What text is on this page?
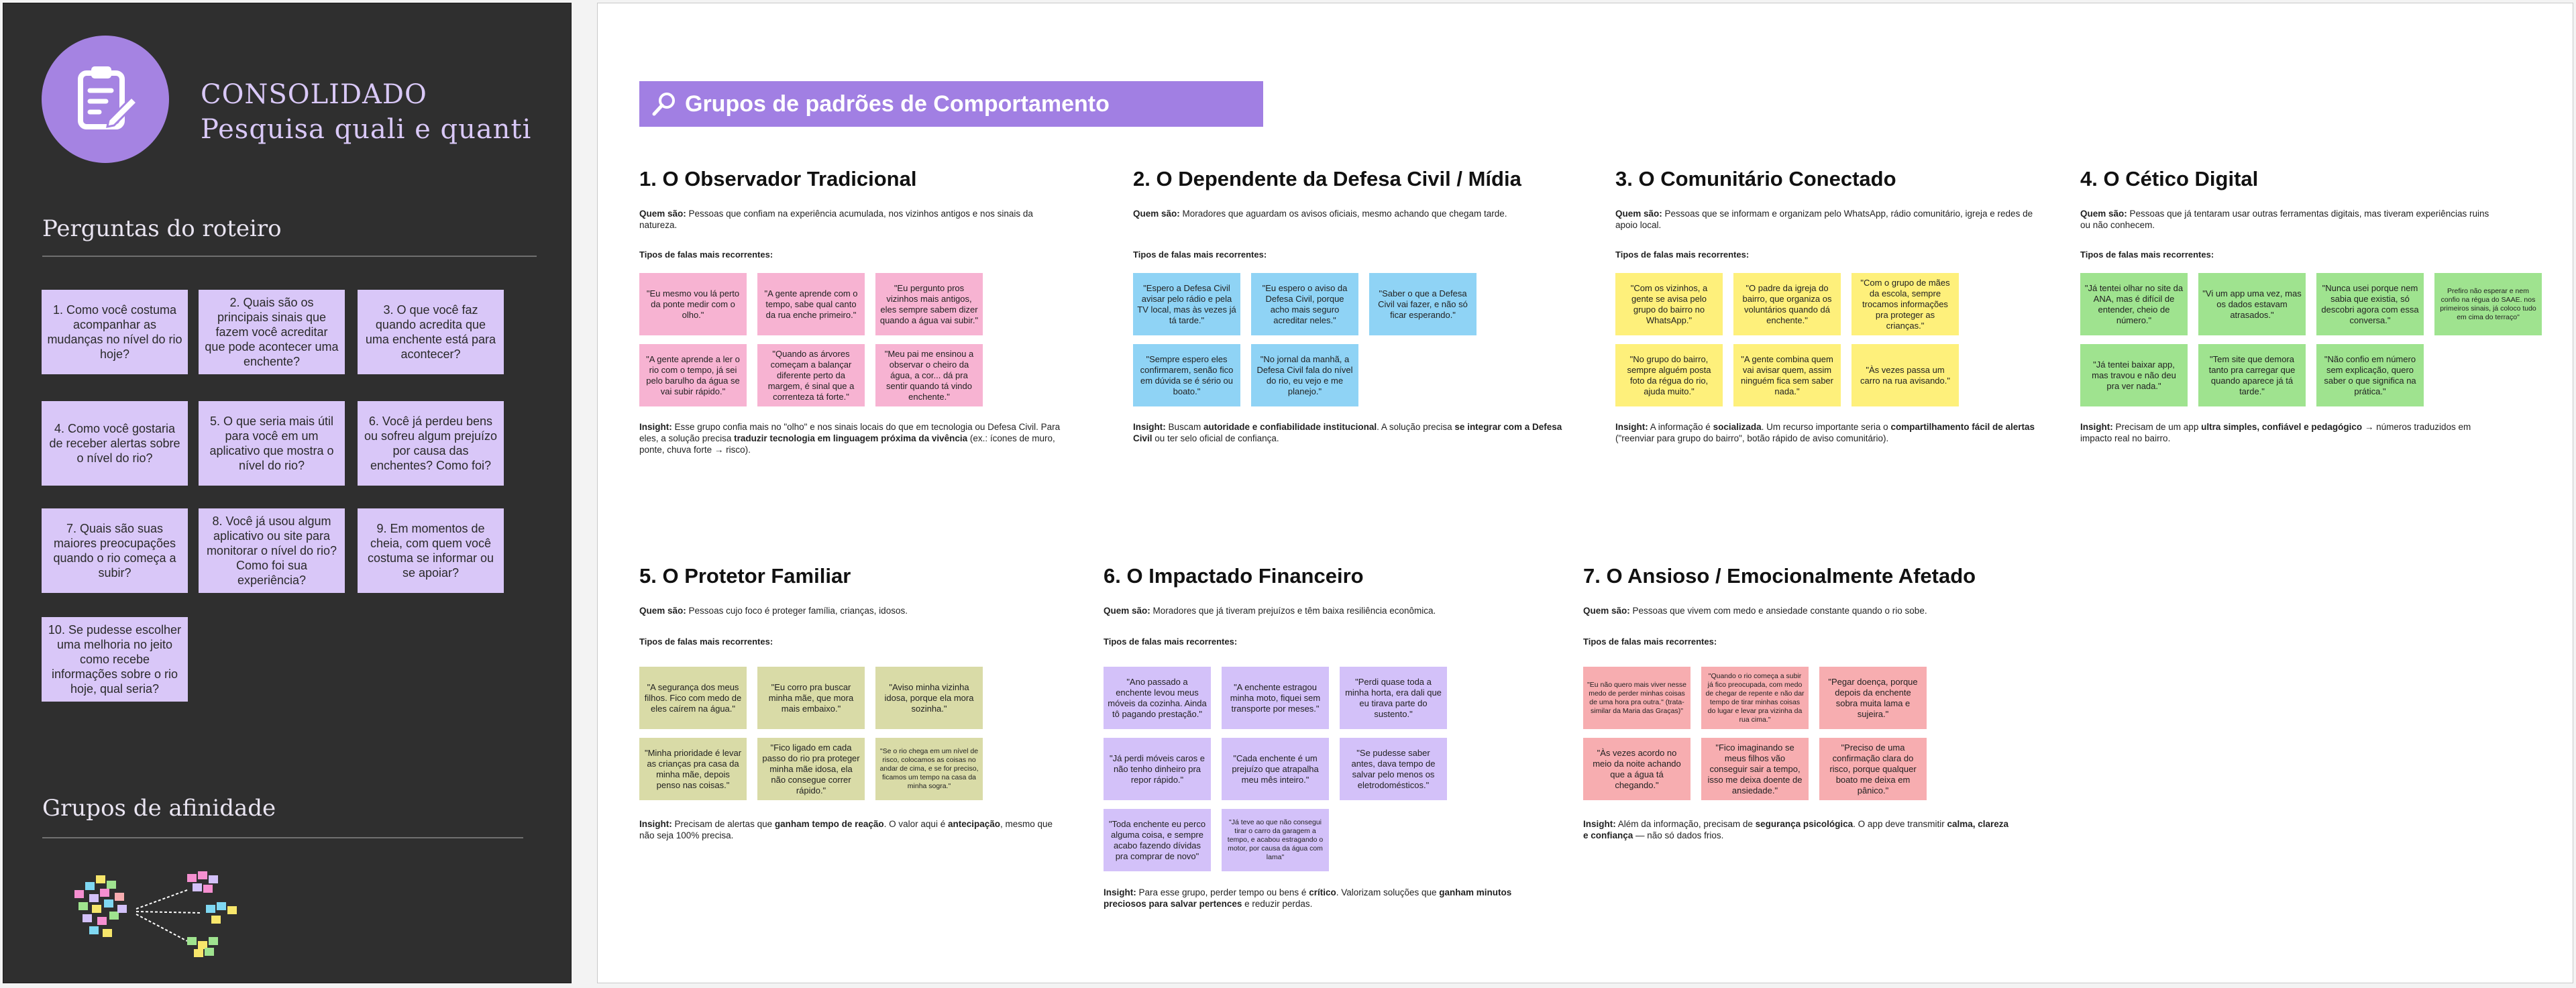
CONSOLIDADO
Pesquisa quali e quanti
Perguntas do roteiro
1. Como você costuma acompanhar as mudanças no nível do rio hoje?
2. Quais são os principais sinais que fazem você acreditar que pode acontecer uma enchente?
3. O que você faz quando acredita que uma enchente está para acontecer?
4. Como você gostaria de receber alertas sobre o nível do rio?
5. O que seria mais útil para você em um aplicativo que mostra o nível do rio?
6. Você já perdeu bens ou sofreu algum prejuízo por causa das enchentes? Como foi?
7. Quais são suas maiores preocupações quando o rio começa a subir?
8. Você já usou algum aplicativo ou site para monitorar o nível do rio? Como foi sua experiência?
9. Em momentos de cheia, com quem você costuma se informar ou se apoiar?
10. Se pudesse escolher uma melhoria no jeito como recebe informações sobre o rio hoje, qual seria?
Grupos de afinidade
Grupos de padrões de Comportamento
1. O Observador Tradicional
Quem são: Pessoas que confiam na experiência acumulada, nos vizinhos antigos e nos sinais da natureza.
Tipos de falas mais recorrentes:
"Eu mesmo vou lá perto da ponte medir com o olho."
"A gente aprende com o tempo, sabe qual canto da rua enche primeiro."
"Eu pergunto pros vizinhos mais antigos, eles sempre sabem dizer quando a água vai subir."
"A gente aprende a ler o rio com o tempo, já sei pelo barulho da água se vai subir rápido."
"Quando as árvores começam a balançar diferente perto da margem, é sinal que a correnteza tá forte."
"Meu pai me ensinou a observar o cheiro da água, a cor... dá pra sentir quando tá vindo enchente."
Insight: Esse grupo confia mais no "olho" e nos sinais locais do que em tecnologia ou Defesa Civil. Para eles, a solução precisa traduzir tecnologia em linguagem próxima da vivência (ex.: ícones de muro, ponte, chuva forte → risco).
2. O Dependente da Defesa Civil / Mídia
Quem são: Moradores que aguardam os avisos oficiais, mesmo achando que chegam tarde.
Tipos de falas mais recorrentes:
"Espero a Defesa Civil avisar pelo rádio e pela TV local, mas às vezes já tá tarde."
"Eu espero o aviso da Defesa Civil, porque acho mais seguro acreditar neles."
"Saber o que a Defesa Civil vai fazer, e não só ficar esperando."
"Sempre espero eles confirmarem, senão fico em dúvida se é sério ou boato."
"No jornal da manhã, a Defesa Civil fala do nível do rio, eu vejo e me planejo."
Insight: Buscam autoridade e confiabilidade institucional. A solução precisa se integrar com a Defesa Civil ou ter selo oficial de confiança.
3. O Comunitário Conectado
Quem são: Pessoas que se informam e organizam pelo WhatsApp, rádio comunitário, igreja e redes de apoio local.
Tipos de falas mais recorrentes:
"Com os vizinhos, a gente se avisa pelo grupo do bairro no WhatsApp."
"O padre da igreja do bairro, que organiza os voluntários quando dá enchente."
"Com o grupo de mães da escola, sempre trocamos informações pra proteger as crianças."
"No grupo do bairro, sempre alguém posta foto da régua do rio, ajuda muito."
"A gente combina quem vai avisar quem, assim ninguém fica sem saber nada."
"Às vezes passa um carro na rua avisando."
Insight: A informação é socializada. Um recurso importante seria o compartilhamento fácil de alertas ("reenviar para grupo do bairro", botão rápido de aviso comunitário).
4. O Cético Digital
Quem são: Pessoas que já tentaram usar outras ferramentas digitais, mas tiveram experiências ruins ou não conhecem.
Tipos de falas mais recorrentes:
"Já tentei olhar no site da ANA, mas é difícil de entender, cheio de número."
"Vi um app uma vez, mas os dados estavam atrasados."
"Nunca usei porque nem sabia que existia, só descobri agora com essa conversa."
Prefiro não esperar e nem confio na régua do SAAE. nos primeiros sinais, já coloco tudo em cima do terraço"
"Já tentei baixar app, mas travou e não deu pra ver nada."
"Tem site que demora tanto pra carregar que quando aparece já tá tarde."
"Não confio em número sem explicação, quero saber o que significa na prática."
Insight: Precisam de um app ultra simples, confiável e pedagógico → números traduzidos em impacto real no bairro.
5. O Protetor Familiar
Quem são: Pessoas cujo foco é proteger família, crianças, idosos.
Tipos de falas mais recorrentes:
"A segurança dos meus filhos. Fico com medo de eles caírem na água."
"Eu corro pra buscar minha mãe, que mora mais embaixo."
"Aviso minha vizinha idosa, porque ela mora sozinha."
"Minha prioridade é levar as crianças pra casa da minha mãe, depois penso nas coisas."
"Fico ligado em cada passo do rio pra proteger minha mãe idosa, ela não consegue correr rápido."
"Se o rio chega em um nível de risco, colocamos as coisas no andar de cima, e se for preciso, ficamos um tempo na casa da minha sogra."
Insight: Precisam de alertas que ganham tempo de reação. O valor aqui é antecipação, mesmo que não seja 100% precisa.
6. O Impactado Financeiro
Quem são: Moradores que já tiveram prejuízos e têm baixa resiliência econômica.
Tipos de falas mais recorrentes:
"Ano passado a enchente levou meus móveis da cozinha. Ainda tô pagando prestação."
"A enchente estragou minha moto, fiquei sem transporte por meses."
"Perdi quase toda a minha horta, era dali que eu tirava parte do sustento."
"Já perdi móveis caros e não tenho dinheiro pra repor rápido."
"Cada enchente é um prejuízo que atrapalha meu mês inteiro."
"Se pudesse saber antes, dava tempo de salvar pelo menos os eletrodomésticos."
"Toda enchente eu perco alguma coisa, e sempre acabo fazendo dívidas pra comprar de novo"
"Já teve ao que não consegui tirar o carro da garagem a tempo, e acabou estragando o motor, por causa da água com lama"
Insight: Para esse grupo, perder tempo ou bens é crítico. Valorizam soluções que ganham minutos preciosos para salvar pertences e reduzir perdas.
7. O Ansioso / Emocionalmente Afetado
Quem são: Pessoas que vivem com medo e ansiedade constante quando o rio sobe.
Tipos de falas mais recorrentes:
"Eu não quero mais viver nesse medo de perder minhas coisas de uma hora pra outra." (trata-similar da Maria das Graças)"
"Quando o rio começa a subir já fico preocupada, com medo de chegar de repente e não dar tempo de tirar minhas coisas do lugar e levar pra vizinha da rua cima."
"Pegar doença, porque depois da enchente sobra muita lama e sujeira."
"Às vezes acordo no meio da noite achando que a água tá chegando."
"Fico imaginando se meus filhos vão conseguir sair a tempo, isso me deixa doente de ansiedade."
"Preciso de uma confirmação clara do risco, porque qualquer boato me deixa em pânico."
Insight: Além da informação, precisam de segurança psicológica. O app deve transmitir calma, clareza e confiança — não só dados frios.
